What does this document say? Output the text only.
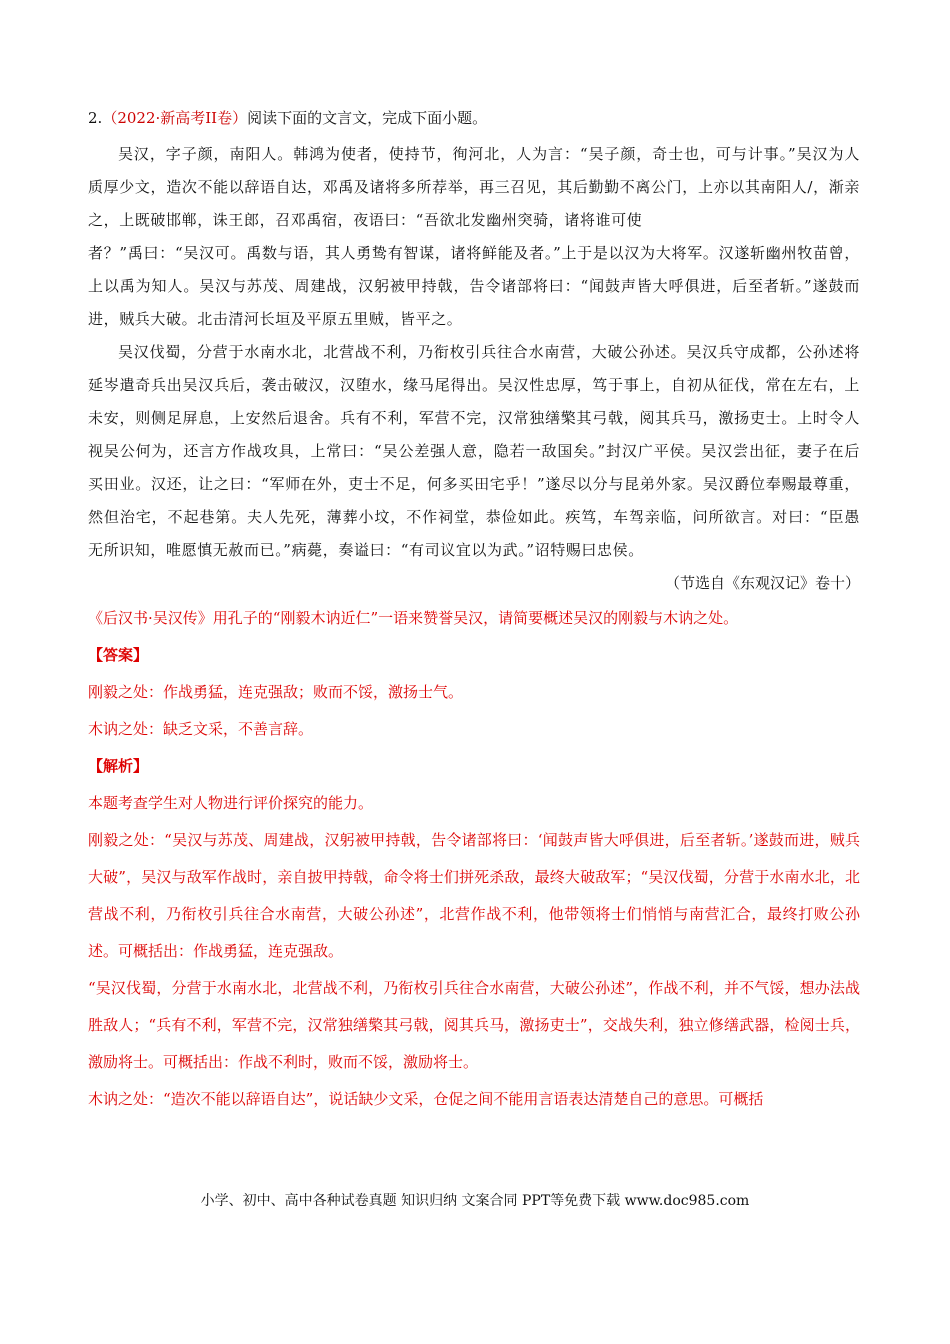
2.（2022·新高考II卷）阅读下面的文言文，完成下面小题。

吴汉，字子颜，南阳人。韩鸿为使者，使持节，徇河北，人为言：“吴子颜，奇士也，可与计事。”吴汉为人质厚少文，造次不能以辞语自达，邓禹及诸将多所荐举，再三召见，其后勤勤不离公门，上亦以其南阳人/，渐亲之，上既破邯郸，诛王郎，召邓禹宿，夜语曰：“吾欲北发幽州突骑，诸将谁可使

者？”禹曰：“吴汉可。禹数与语，其人勇鸷有智谋，诸将鲜能及者。”上于是以汉为大将军。汉遂斩幽州牧苗曾，上以禹为知人。吴汉与苏茂、周建战，汉躬被甲持戟，告令诸部将曰：“闻鼓声皆大呼俱进，后至者斩。”遂鼓而进，贼兵大破。北击清河长垣及平原五里贼，皆平之。

吴汉伐蜀，分营于水南水北，北营战不利，乃衔枚引兵往合水南营，大破公孙述。吴汉兵守成都，公孙述将延岑遣奇兵出吴汉兵后，袭击破汉，汉堕水，缘马尾得出。吴汉性忠厚，笃于事上，自初从征伐，常在左右，上未安，则侧足屏息，上安然后退舍。兵有不利，军营不完，汉常独缮檠其弓戟，阅其兵马，激扬吏士。上时令人视吴公何为，还言方作战攻具，上常曰：“吴公差强人意，隐若一敌国矣。”封汉广平侯。吴汉尝出征，妻子在后买田业。汉还，让之曰：“军师在外，吏士不足，何多买田宅乎！”遂尽以分与昆弟外家。吴汉爵位奉赐最尊重，然但治宅，不起巷第。夫人先死，薄葬小坟，不作祠堂，恭俭如此。疾笃，车驾亲临，问所欲言。对曰：“臣愚无所识知，唯愿慎无赦而已。”病薨，奏谥曰：“有司议宜以为武。”诏特赐曰忠侯。

（节选自《东观汉记》卷十）

《后汉书·吴汉传》用孔子的“刚毅木讷近仁”一语来赞誉吴汉，请简要概述吴汉的刚毅与木讷之处。

【答案】

刚毅之处：作战勇猛，连克强敌；败而不馁，激扬士气。

木讷之处：缺乏文采，不善言辞。

【解析】

本题考查学生对人物进行评价探究的能力。

刚毅之处：“吴汉与苏茂、周建战，汉躬被甲持戟，告令诸部将曰：‘闻鼓声皆大呼俱进，后至者斩。’遂鼓而进，贼兵大破”，吴汉与敌军作战时，亲自披甲持戟，命令将士们拼死杀敌，最终大破敌军；“吴汉伐蜀，分营于水南水北，北营战不利，乃衔枚引兵往合水南营，大破公孙述”，北营作战不利，他带领将士们悄悄与南营汇合，最终打败公孙述。可概括出：作战勇猛，连克强敌。

“吴汉伐蜀，分营于水南水北，北营战不利，乃衔枚引兵往合水南营，大破公孙述”，作战不利，并不气馁，想办法战胜敌人；“兵有不利，军营不完，汉常独缮檠其弓戟，阅其兵马，激扬吏士”，交战失利，独立修缮武器，检阅士兵，激励将士。可概括出：作战不利时，败而不馁，激励将士。

木讷之处：“造次不能以辞语自达”，说话缺少文采，仓促之间不能用言语表达清楚自己的意思。可概括

小学、初中、高中各种试卷真题 知识归纳 文案合同 PPT等免费下载 www.doc985.com
